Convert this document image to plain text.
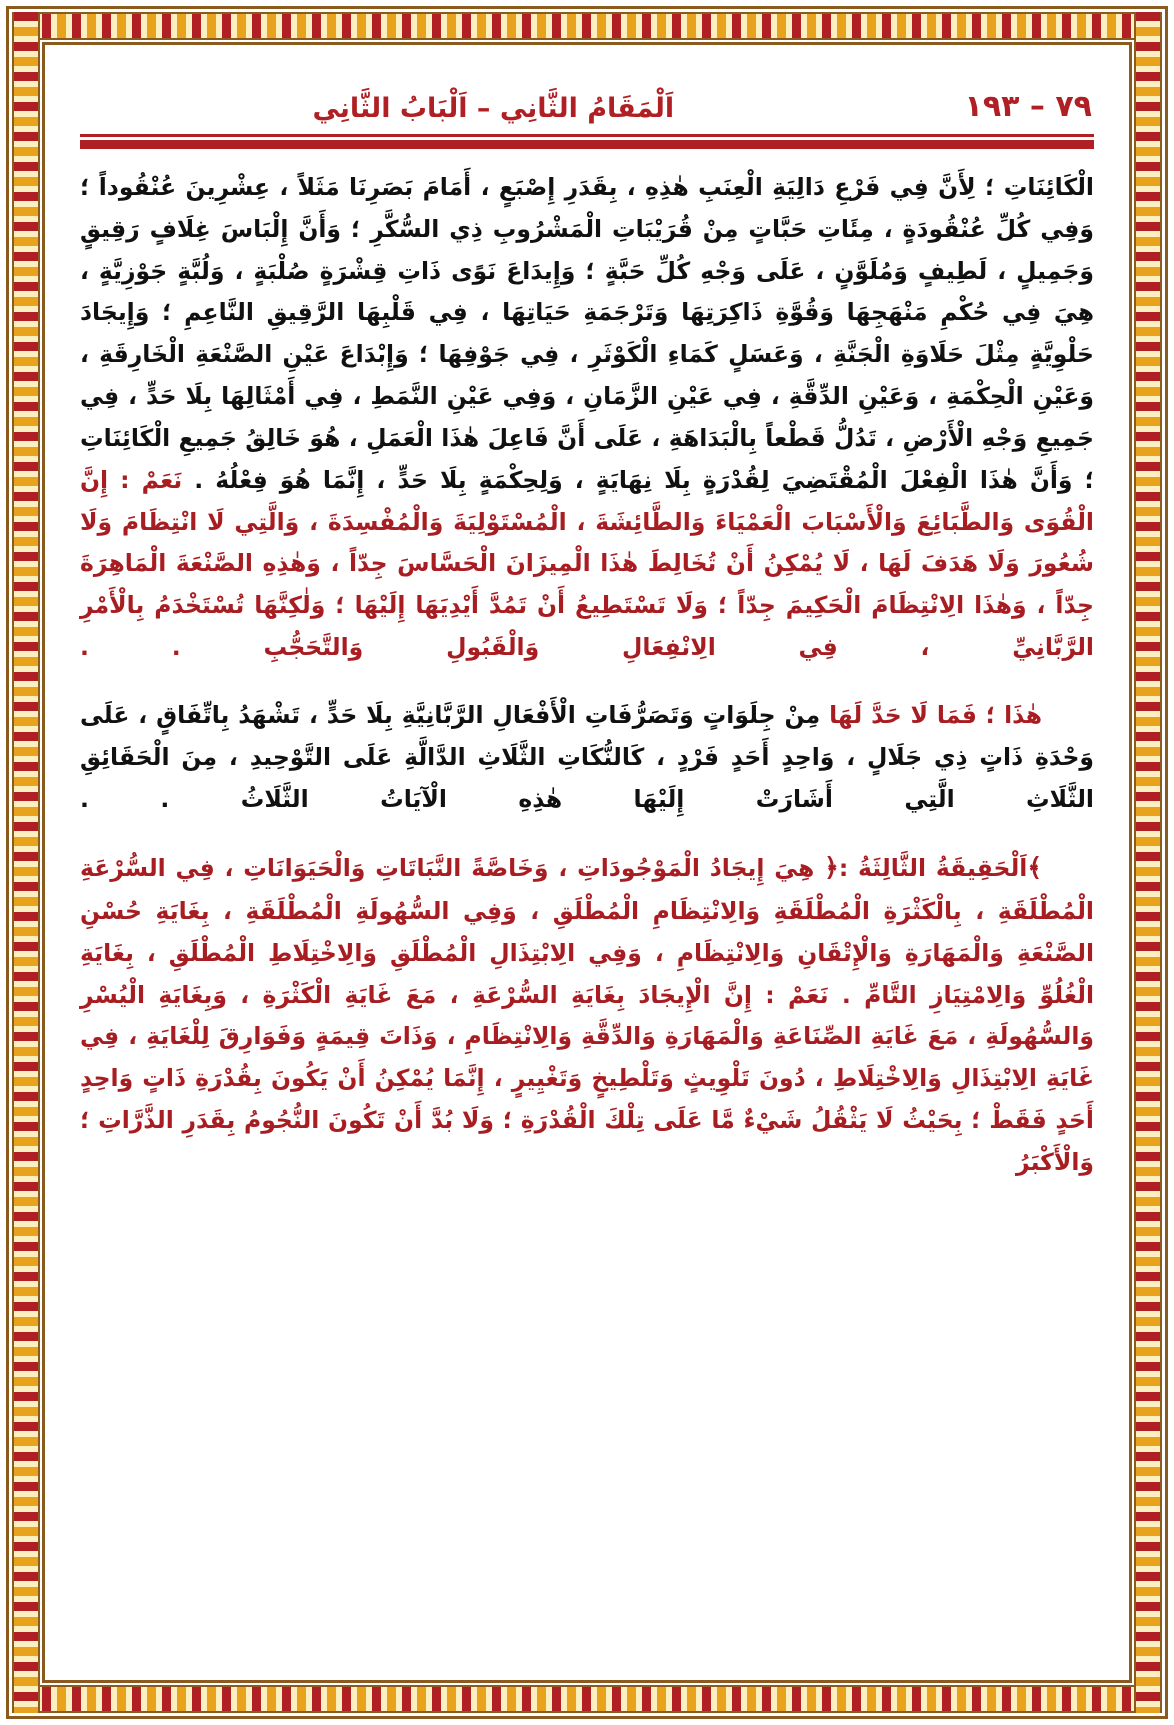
٧٩ – ١٩٣
اَلْمَقَامُ الثَّانِي – اَلْبَابُ الثَّانِي

الْكَائِنَاتِ ؛ لِأَنَّ فِي فَرْعِ دَالِيَةِ الْعِنَبِ هٰذِهِ ، بِقَدَرِ إِصْبَعٍ ، أَمَامَ بَصَرِنَا مَثَلاً ، عِشْرِينَ عُنْقُوداً ؛ وَفِي كُلِّ عُنْقُودَةٍ ، مِئَاتِ حَبَّاتٍ مِنْ قُرَيْبَاتِ الْمَشْرُوبِ ذِي السُّكَّرِ ؛ وَأَنَّ إِلْبَاسَ غِلَافٍ رَقِيقٍ وَجَمِيلٍ ، لَطِيفٍ وَمُلَوَّنٍ ، عَلَى وَجْهِ كُلِّ حَبَّةٍ ؛ وَإِيدَاعَ نَوًى ذَاتِ قِشْرَةٍ صُلْبَةٍ ، وَلُبَّةٍ جَوْزِيَّةٍ ، هِيَ فِي حُكْمِ مَنْهَجِهَا وَقُوَّةِ ذَاكِرَتِهَا وَتَرْجَمَةِ حَيَاتِهَا ، فِي قَلْبِهَا الرَّقِيقِ النَّاعِمِ ؛ وَإِيجَادَ حَلْوِيَّةٍ مِثْلَ حَلَاوَةِ الْجَنَّةِ ، وَعَسَلٍ كَمَاءِ الْكَوْثَرِ ، فِي جَوْفِهَا ؛ وَإِبْدَاعَ عَيْنِ الصَّنْعَةِ الْخَارِقَةِ ، وَعَيْنِ الْحِكْمَةِ ، وَعَيْنِ الدِّقَّةِ ، فِي عَيْنِ الزَّمَانِ ، وَفِي عَيْنِ النَّمَطِ ، فِي أَمْثَالِهَا بِلَا حَدٍّ ، فِي جَمِيعِ وَجْهِ الْأَرْضِ ، تَدُلُّ قَطْعاً بِالْبَدَاهَةِ ، عَلَى أَنَّ فَاعِلَ هٰذَا الْعَمَلِ ، هُوَ خَالِقُ جَمِيعِ الْكَائِنَاتِ ؛ وَأَنَّ هٰذَا الْفِعْلَ الْمُقْتَضِيَ لِقُدْرَةٍ بِلَا نِهَايَةٍ ، وَلِحِكْمَةٍ بِلَا حَدٍّ ، إِنَّمَا هُوَ فِعْلُهُ . نَعَمْ : إِنَّ الْقُوَى وَالطَّبَائِعَ وَالْأَسْبَابَ الْعَمْيَاءَ وَالطَّائِشَةَ ، الْمُسْتَوْلِيَةَ وَالْمُفْسِدَةَ ، وَالَّتِي لَا انْتِظَامَ وَلَا شُعُورَ وَلَا هَدَفَ لَهَا ، لَا يُمْكِنُ أَنْ تُخَالِطَ هٰذَا الْمِيزَانَ الْحَسَّاسَ جِدّاً ، وَهٰذِهِ الصَّنْعَةَ الْمَاهِرَةَ جِدّاً ، وَهٰذَا الِانْتِظَامَ الْحَكِيمَ جِدّاً ؛ وَلَا تَسْتَطِيعُ أَنْ تَمُدَّ أَيْدِيَهَا إِلَيْهَا ؛ وَلٰكِنَّهَا تُسْتَخْدَمُ بِالْأَمْرِ الرَّبَّانِيِّ ، فِي الِانْفِعَالِ وَالْقَبُولِ وَالتَّحَجُّبِ . .

هٰذَا ؛ فَمَا لَا حَدَّ لَهَا مِنْ جِلَوَاتٍ وَتَصَرُّفَاتِ الْأَفْعَالِ الرَّبَّانِيَّةِ بِلَا حَدٍّ ، تَشْهَدُ بِاتِّفَاقٍ ، عَلَى وَحْدَةِ ذَاتٍ ذِي جَلَالٍ ، وَاحِدٍ أَحَدٍ فَرْدٍ ، كَالنُّكَاتِ الثَّلَاثِ الدَّالَّةِ عَلَى التَّوْحِيدِ ، مِنَ الْحَقَائِقِ الثَّلَاثِ الَّتِي أَشَارَتْ إِلَيْهَا هٰذِهِ الْآيَاتُ الثَّلَاثُ . .

﴾اَلْحَقِيقَةُ الثَّالِثَةُ :﴿ هِيَ إِيجَادُ الْمَوْجُودَاتِ ، وَخَاصَّةً النَّبَاتَاتِ وَالْحَيَوَانَاتِ ، فِي السُّرْعَةِ الْمُطْلَقَةِ ، بِالْكَثْرَةِ الْمُطْلَقَةِ وَالِانْتِظَامِ الْمُطْلَقِ ، وَفِي السُّهُولَةِ الْمُطْلَقَةِ ، بِغَايَةِ حُسْنِ الصَّنْعَةِ وَالْمَهَارَةِ وَالْإِتْقَانِ وَالِانْتِظَامِ ، وَفِي الِابْتِذَالِ الْمُطْلَقِ وَالِاخْتِلَاطِ الْمُطْلَقِ ، بِغَايَةِ الْغُلُوِّ وَالِامْتِيَازِ التَّامِّ . نَعَمْ : إِنَّ الْإِيجَادَ بِغَايَةِ السُّرْعَةِ ، مَعَ غَايَةِ الْكَثْرَةِ ، وَبِغَايَةِ الْيُسْرِ وَالسُّهُولَةِ ، مَعَ غَايَةِ الصِّنَاعَةِ وَالْمَهَارَةِ وَالدِّقَّةِ وَالِانْتِظَامِ ، وَذَاتَ قِيمَةٍ وَفَوَارِقَ لِلْغَايَةِ ، فِي غَايَةِ الِابْتِذَالِ وَالِاخْتِلَاطِ ، دُونَ تَلْوِيثٍ وَتَلْطِيخٍ وَتَغْيِيرٍ ، إِنَّمَا يُمْكِنُ أَنْ يَكُونَ بِقُدْرَةِ ذَاتٍ وَاحِدٍ أَحَدٍ فَقَطْ ؛ بِحَيْثُ لَا يَثْقُلُ شَيْءٌ مَّا عَلَى تِلْكَ الْقُدْرَةِ ؛ وَلَا بُدَّ أَنْ تَكُونَ النُّجُومُ بِقَدَرِ الذَّرَّاتِ ؛ وَالْأَكْبَرُ
